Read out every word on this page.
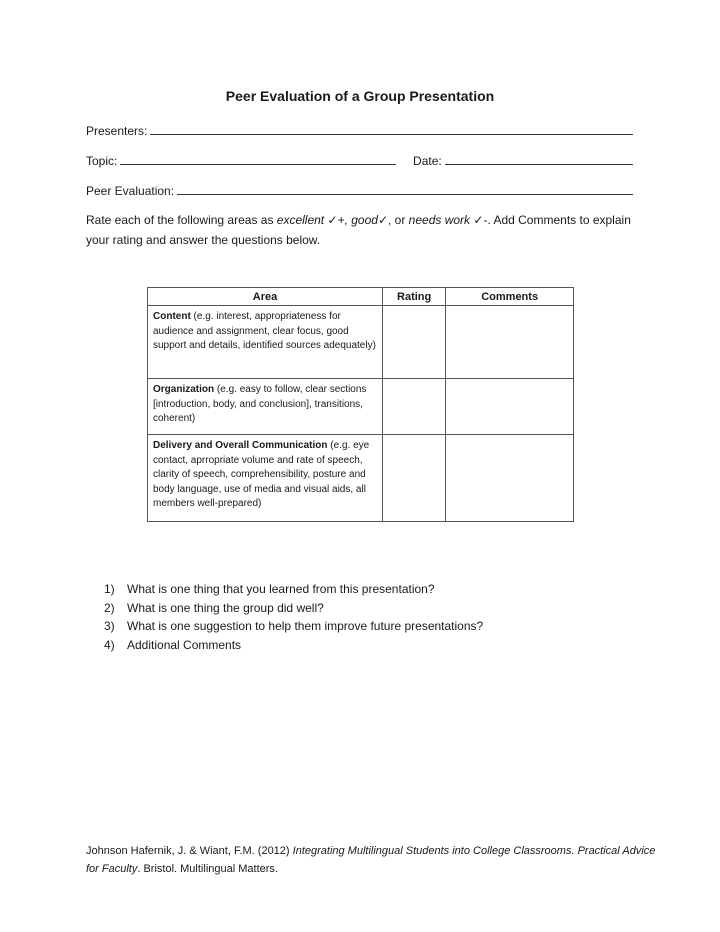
Peer Evaluation of a Group Presentation
Presenters:
Topic:	Date:
Peer Evaluation:
Rate each of the following areas as excellent ✓+, good✓, or needs work ✓-. Add Comments to explain your rating and answer the questions below.
Area	Rating	Comments
Content (e.g. interest, appropriateness for audience and assignment, clear focus, good support and details, identified sources adequately)		
Organization (e.g. easy to follow, clear sections [introduction, body, and conclusion], transitions, coherent)		
Delivery and Overall Communication (e.g. eye contact, aprropriate volume and rate of speech, clarity of speech, comprehensibility, posture and body language, use of media and visual aids, all members well-prepared)		
1) What is one thing that you learned from this presentation?
2) What is one thing the group did well?
3) What is one suggestion to help them improve future presentations?
4) Additional Comments
Johnson Hafernik, J. & Wiant, F.M. (2012) Integrating Multilingual Students into College Classrooms. Practical Advice for Faculty. Bristol. Multilingual Matters.
